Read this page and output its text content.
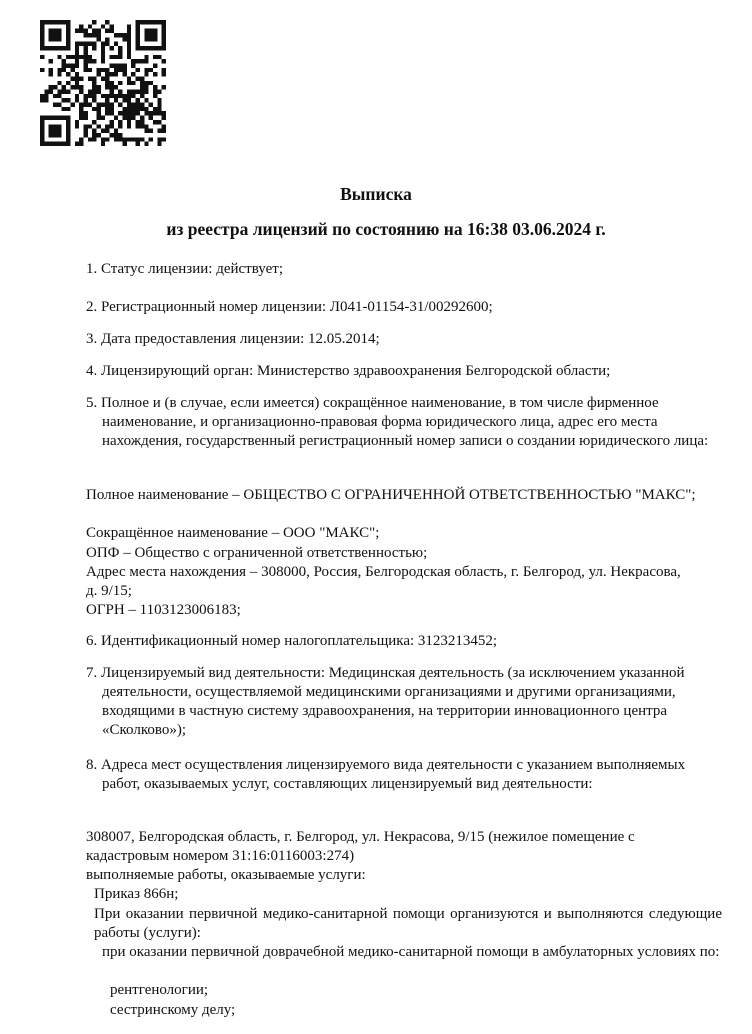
Выписка
из реестра лицензий по состоянию на 16:38 03.06.2024 г.
1. Статус лицензии: действует;
2. Регистрационный номер лицензии: Л041-01154-31/00292600;
3. Дата предоставления лицензии: 12.05.2014;
4. Лицензирующий орган: Министерство здравоохранения Белгородской области;
5. Полное и (в случае, если имеется) сокращённое наименование, в том числе фирменное наименование, и организационно-правовая форма юридического лица, адрес его места нахождения, государственный регистрационный номер записи о создании юридического лица:
Полное наименование – ОБЩЕСТВО С ОГРАНИЧЕННОЙ ОТВЕТСТВЕННОСТЬЮ "МАКС";
Сокращённое наименование – ООО "МАКС";
ОПФ – Общество с ограниченной ответственностью;
Адрес места нахождения – 308000, Россия, Белгородская область, г. Белгород, ул. Некрасова, д. 9/15;
ОГРН – 1103123006183;
6. Идентификационный номер налогоплательщика: 3123213452;
7. Лицензируемый вид деятельности: Медицинская деятельность (за исключением указанной деятельности, осуществляемой медицинскими организациями и другими организациями, входящими в частную систему здравоохранения, на территории инновационного центра «Сколково»);
8. Адреса мест осуществления лицензируемого вида деятельности с указанием выполняемых работ, оказываемых услуг, составляющих лицензируемый вид деятельности:
308007, Белгородская область, г. Белгород, ул. Некрасова, 9/15 (нежилое помещение с кадастровым номером 31:16:0116003:274)
выполняемые работы, оказываемые услуги:
Приказ 866н;
При оказании первичной медико-санитарной помощи организуются и выполняются следующие работы (услуги):
при оказании первичной доврачебной медико-санитарной помощи в амбулаторных условиях по:
рентгенологии;
сестринскому делу;
